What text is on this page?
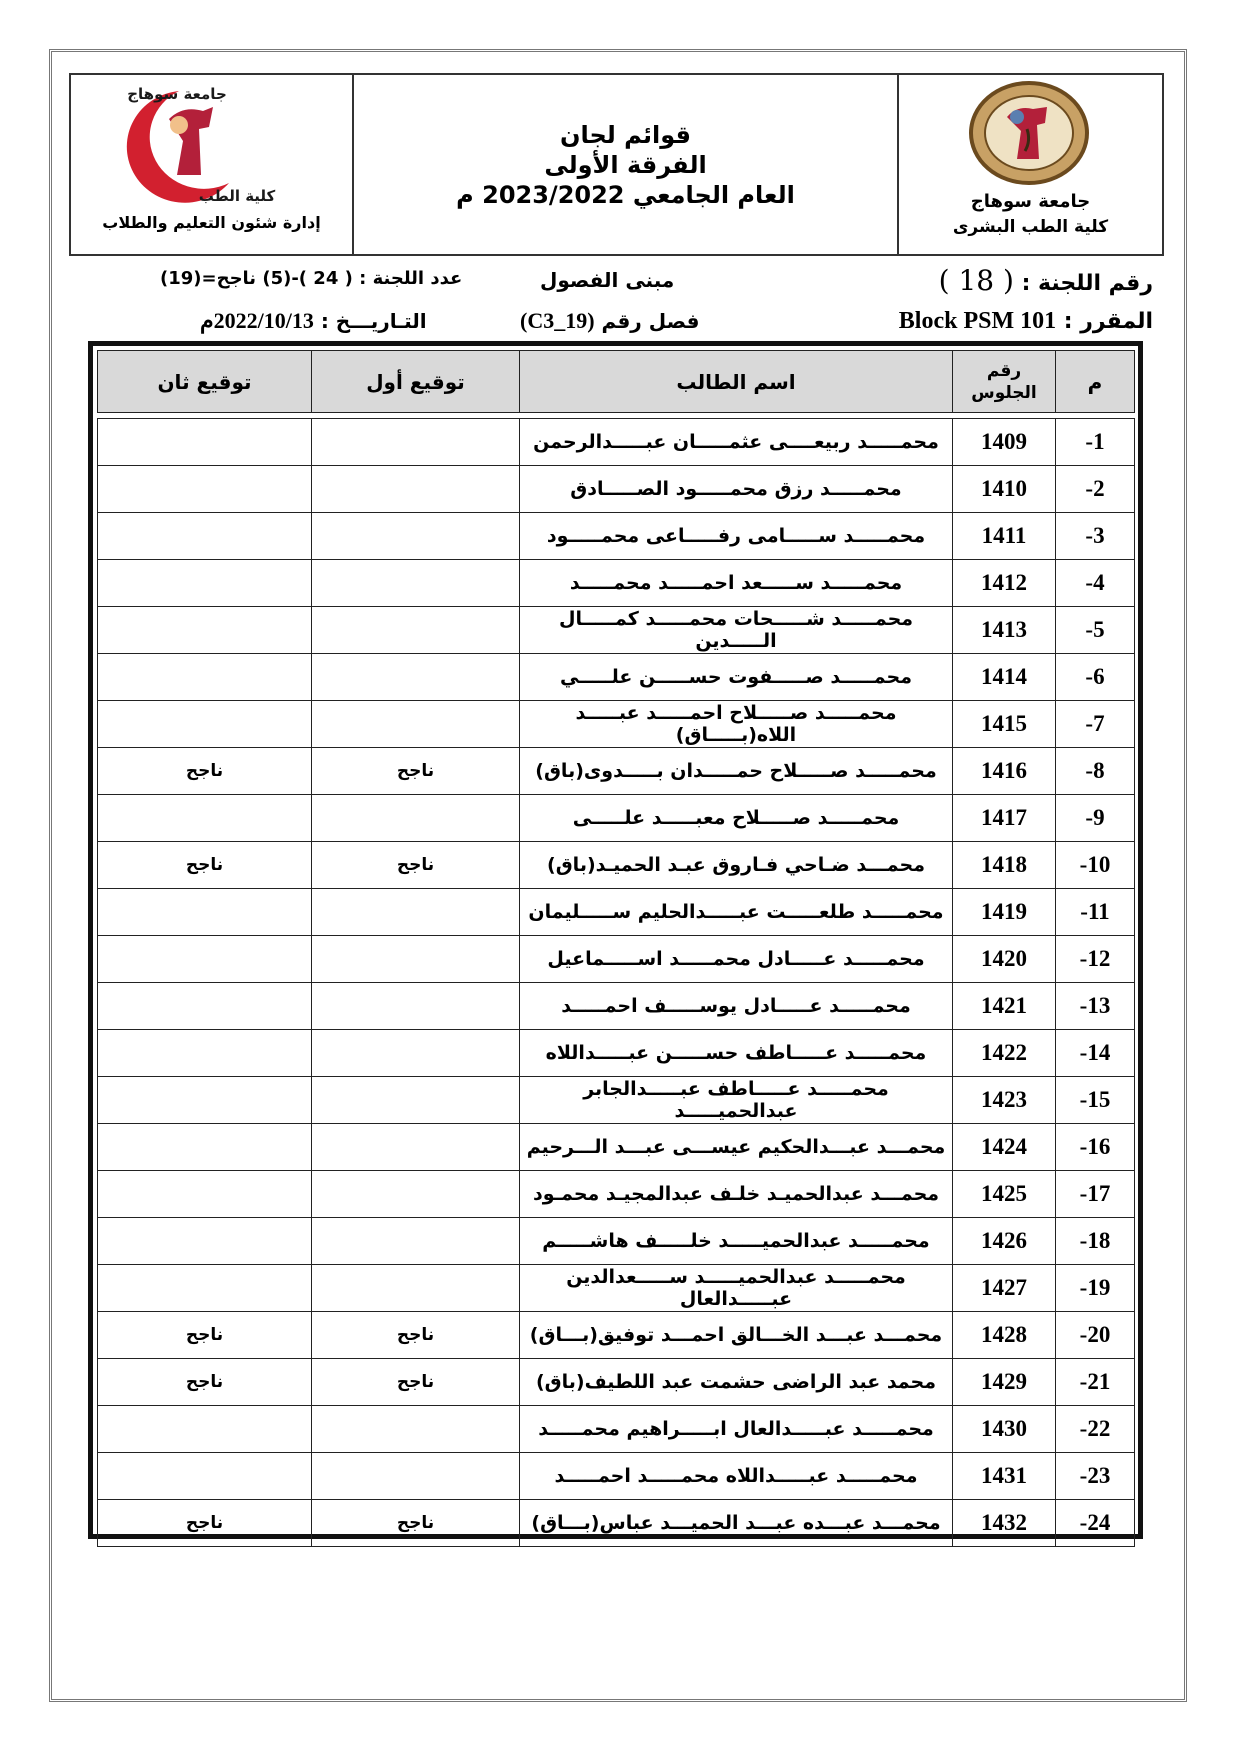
جامعة سوهاج
كلية الطب البشرى
قوائم لجان
الفرقة الأولى
العام الجامعي 2023/2022 م
جامعة سوهاج
كلية الطب
إدارة شئون التعليم والطلاب
رقم اللجنة : ( 18 )
المقرر : Block PSM 101
مبنى الفصول
فصل رقم (C3_19)
عدد اللجنة : ( 24 )-(5) ناجح=(19)
التـاريـــخ : 2022/10/13م
م	رقم الجلوس	اسم الطالب	توقيع أول	توقيع ثان

-1	1409	محمـــــد ربيعــــى عثمـــــان عبـــــدالرحمن		
-2	1410	محمـــــد رزق محمـــــود الصـــــادق		
-3	1411	محمـــــد ســـــامى رفـــــاعى محمـــــود		
-4	1412	محمـــــد ســـــعد احمـــــد محمـــــد		
-5	1413	محمـــــد شـــــحات محمـــــد كمـــــال الـــــدين		
-6	1414	محمـــــد صـــــفوت حســـــن علـــــي		
-7	1415	محمـــــد صـــــلاح احمـــــد عبـــــد اللاه(بـــــاق)		
-8	1416	محمـــــد صـــــلاح حمـــــدان بـــــدوى(باق)	ناجح	ناجح
-9	1417	محمـــــد صـــــلاح معبـــــد علـــــى		
-10	1418	محمـــد ضـاحي فـاروق عبـد الحميـد(باق)	ناجح	ناجح
-11	1419	محمـــــد طلعـــــت عبـــــدالحليم ســـــليمان		
-12	1420	محمـــــد عـــــادل محمـــــد اســـــماعيل		
-13	1421	محمـــــد عـــــادل يوســـــف احمـــــد		
-14	1422	محمـــــد عـــــاطف حســـــن عبـــــداللاه		
-15	1423	محمـــــد عـــــاطف عبـــــدالجابر عبدالحميـــــد		
-16	1424	محمـــد عبـــدالحكيم عيســـى عبـــد الـــرحيم		
-17	1425	محمـــد عبدالحميـد خلـف عبدالمجيـد محمـود		
-18	1426	محمـــــد عبدالحميـــــد خلـــــف هاشـــــم		
-19	1427	محمـــــد عبدالحميـــــد ســـــعدالدين عبـــــدالعال		
-20	1428	محمـــد عبـــد الخـــالق احمـــد توفيق(بـــاق)	ناجح	ناجح
-21	1429	محمد عبد الراضى حشمت عبد اللطيف(باق)	ناجح	ناجح
-22	1430	محمـــــد عبـــــدالعال ابـــــراهيم محمـــــد		
-23	1431	محمـــــد عبـــــداللاه محمـــــد احمـــــد		
-24	1432	محمـــد عبـــده عبـــد الحميـــد عباس(بـــاق)	ناجح	ناجح
